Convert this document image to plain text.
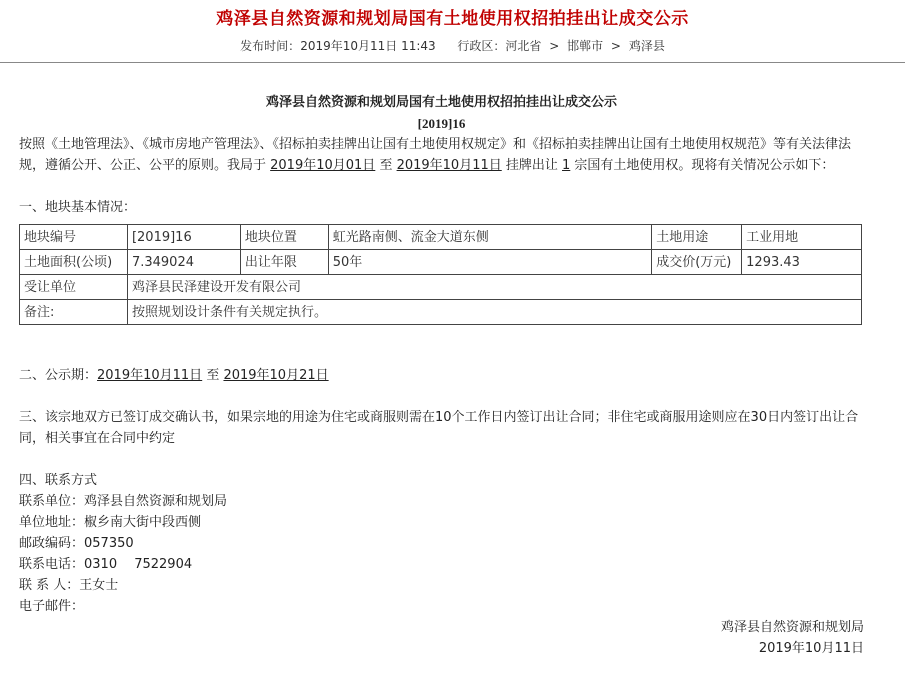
鸡泽县自然资源和规划局国有土地使用权招拍挂出让成交公示
发布时间：2019年10月11日 11:43 行政区：河北省 > 邯郸市 > 鸡泽县
鸡泽县自然资源和规划局国有土地使用权招拍挂出让成交公示
[2019]16

按照《土地管理法》、《城市房地产管理法》、《招标拍卖挂牌出让国有土地使用权规定》和《招标拍卖挂牌出让国有土地使用权规范》等有关法律法规，遵循公开、公正、公平的原则。我局于 2019年10月01日 至 2019年10月11日 挂牌出让 1 宗国有土地使用权。现将有关情况公示如下：

一、地块基本情况：
地块编号	[2019]16	地块位置	虹光路南侧、流金大道东侧	土地用途	工业用地
土地面积(公顷)	7.349024	出让年限	50年	成交价(万元)	1293.43
受让单位	鸡泽县民泽建设开发有限公司				
备注:	按照规划设计条件有关规定执行。				

二、公示期：2019年10月11日 至 2019年10月21日

三、该宗地双方已签订成交确认书，如果宗地的用途为住宅或商服则需在10个工作日内签订出让合同；非住宅或商服用途则应在30日内签订出让合同，相关事宜在合同中约定

四、联系方式
联系单位：鸡泽县自然资源和规划局
单位地址：椒乡南大街中段西侧
邮政编码：057350
联系电话：0310　 7522904
联 系 人：王女士
电子邮件：
鸡泽县自然资源和规划局
2019年10月11日
